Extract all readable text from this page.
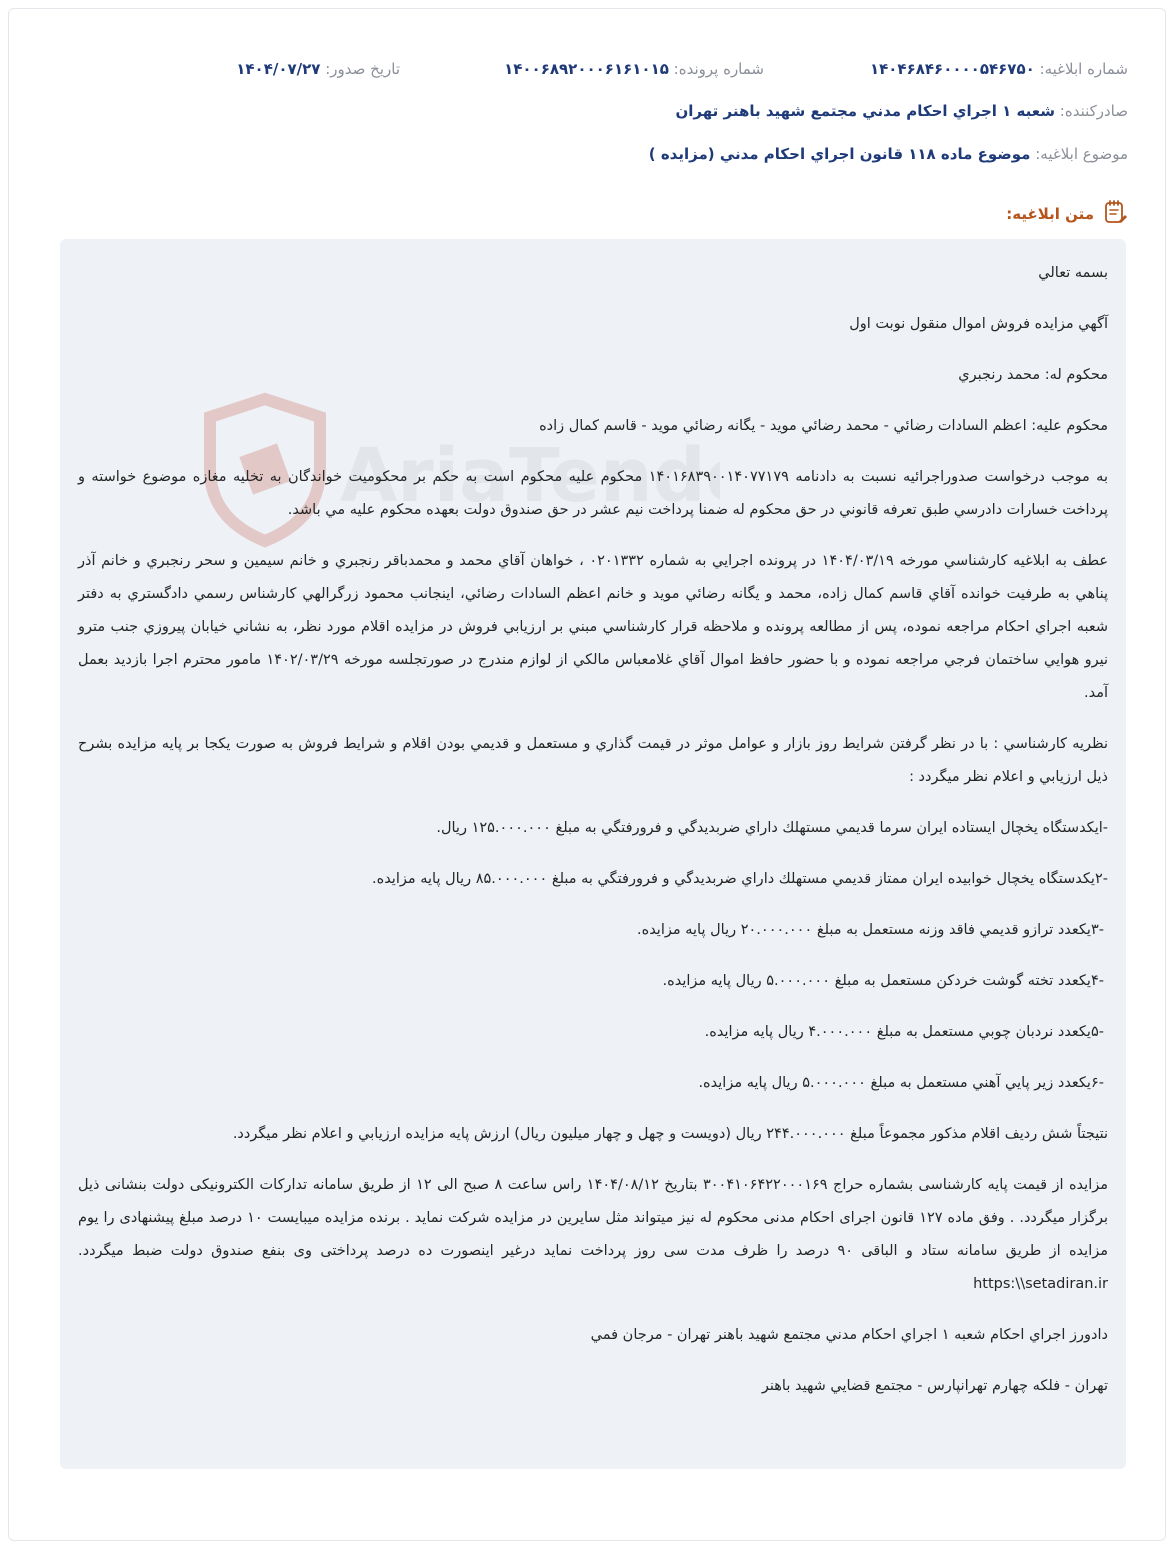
شماره ابلاغيه: ۱۴۰۴۶۸۴۶۰۰۰۰۵۴۶۷۵۰
شماره پرونده: ۱۴۰۰۶۸۹۲۰۰۰۶۱۶۱۰۱۵
تاريخ صدور: ۱۴۰۴/۰۷/۲۷
صادرکننده: شعبه ۱ اجراي احکام مدني مجتمع شهيد باهنر تهران
موضوع ابلاغيه: موضوع ماده ۱۱۸ قانون اجراي احکام مدني (مزايده )
متن ابلاغيه:
AriaTend

بسمه تعالي

آگهي مزايده فروش اموال منقول نوبت اول

محکوم له: محمد رنجبري

محکوم عليه: اعظم السادات رضائي - محمد رضائي مويد - يگانه رضائي مويد - قاسم کمال زاده

به موجب درخواست صدوراجرائيه نسبت به دادنامه ۱۴۰۱۶۸۳۹۰۰۱۴۰۷۷۱۷۹ محکوم عليه محکوم است به حکم بر محکوميت خواندگان به تخليه مغازه موضوع خواسته و پرداخت خسارات دادرسي طبق تعرفه قانوني در حق محکوم له ضمنا پرداخت نيم عشر در حق صندوق دولت بعهده محکوم عليه مي باشد.

عطف به ابلاغيه کارشناسي مورخه ۱۴۰۴/۰۳/۱۹ در پرونده اجرايي به شماره ۰۲۰۱۳۳۲ ، خواهان آقاي محمد و محمدباقر رنجبري و خانم سيمين و سحر رنجبري و خانم آذر پناهي به طرفيت خوانده آقاي قاسم کمال زاده، محمد و يگانه رضائي مويد و خانم اعظم السادات رضائي، اينجانب محمود زرگرالهي کارشناس رسمي دادگستري به دفتر شعبه اجراي احکام مراجعه نموده، پس از مطالعه پرونده و ملاحظه قرار کارشناسي مبني بر ارزيابي فروش در مزايده اقلام مورد نظر، به نشاني خيابان پيروزي جنب مترو نيرو هوايي ساختمان فرجي مراجعه نموده و با حضور حافظ اموال آقاي غلامعباس مالکي از لوازم مندرج در صورتجلسه مورخه ۱۴۰۲/۰۳/۲۹ مامور محترم اجرا بازديد بعمل آمد.

نظريه کارشناسي : با در نظر گرفتن شرايط روز بازار و عوامل موثر در قيمت گذاري و مستعمل و قديمي بودن اقلام و شرايط فروش به صورت يکجا بر پايه مزايده بشرح ذيل ارزيابي و اعلام نظر ميگردد :

-ايکدستگاه يخچال ايستاده ايران سرما قديمي مستهلك داراي ضربديدگي و فرورفتگي به مبلغ ۱۲۵.۰۰۰.۰۰۰ ريال.

-۲يکدستگاه يخچال خوابيده ايران ممتاز قديمي مستهلك داراي ضربديدگي و فرورفتگي به مبلغ ۸۵.۰۰۰.۰۰۰ ريال پايه مزايده.

-۳يکعدد ترازو قديمي فاقد وزنه مستعمل به مبلغ ۲۰.۰۰۰.۰۰۰ ريال پايه مزايده.

-۴يکعدد تخته گوشت خردکن مستعمل به مبلغ ۵.۰۰۰.۰۰۰ ريال پايه مزايده.

-۵يکعدد نردبان چوبي مستعمل به مبلغ ۴.۰۰۰.۰۰۰ ريال پايه مزايده.

-۶يکعدد زير پايي آهني مستعمل به مبلغ ۵.۰۰۰.۰۰۰ ريال پايه مزايده.

نتيجتاً شش رديف اقلام مذکور مجموعاً مبلغ ۲۴۴.۰۰۰.۰۰۰ ريال (دويست و چهل و چهار ميليون ريال) ارزش پايه مزايده ارزيابي و اعلام نظر ميگردد.

مزايده از قيمت پايه کارشناسی بشماره حراج ۳۰۰۴۱۰۶۴۲۲۰۰۰۱۶۹ بتاريخ ۱۴۰۴/۰۸/۱۲ راس ساعت ۸ صبح الی ۱۲ از طريق سامانه تدارکات الکترونيکی دولت بنشانی ذيل برگزار ميگردد. . وفق ماده ۱۲۷ قانون اجرای احکام مدنی محکوم له نيز ميتواند مثل سايرين در مزايده شرکت نمايد . برنده مزايده ميبايست ۱۰ درصد مبلغ پيشنهادی را يوم مزايده از طريق سامانه ستاد و الباقی ۹۰ درصد را ظرف مدت سی روز پرداخت نمايد درغير اينصورت ده درصد پرداختی وی بنفع صندوق دولت ضبط ميگردد. https:\\setadiran.ir

دادورز اجراي احکام شعبه ۱ اجراي احکام مدني مجتمع شهيد باهنر تهران - مرجان فمي

تهران - فلکه چهارم تهرانپارس - مجتمع قضايي شهيد باهنر
